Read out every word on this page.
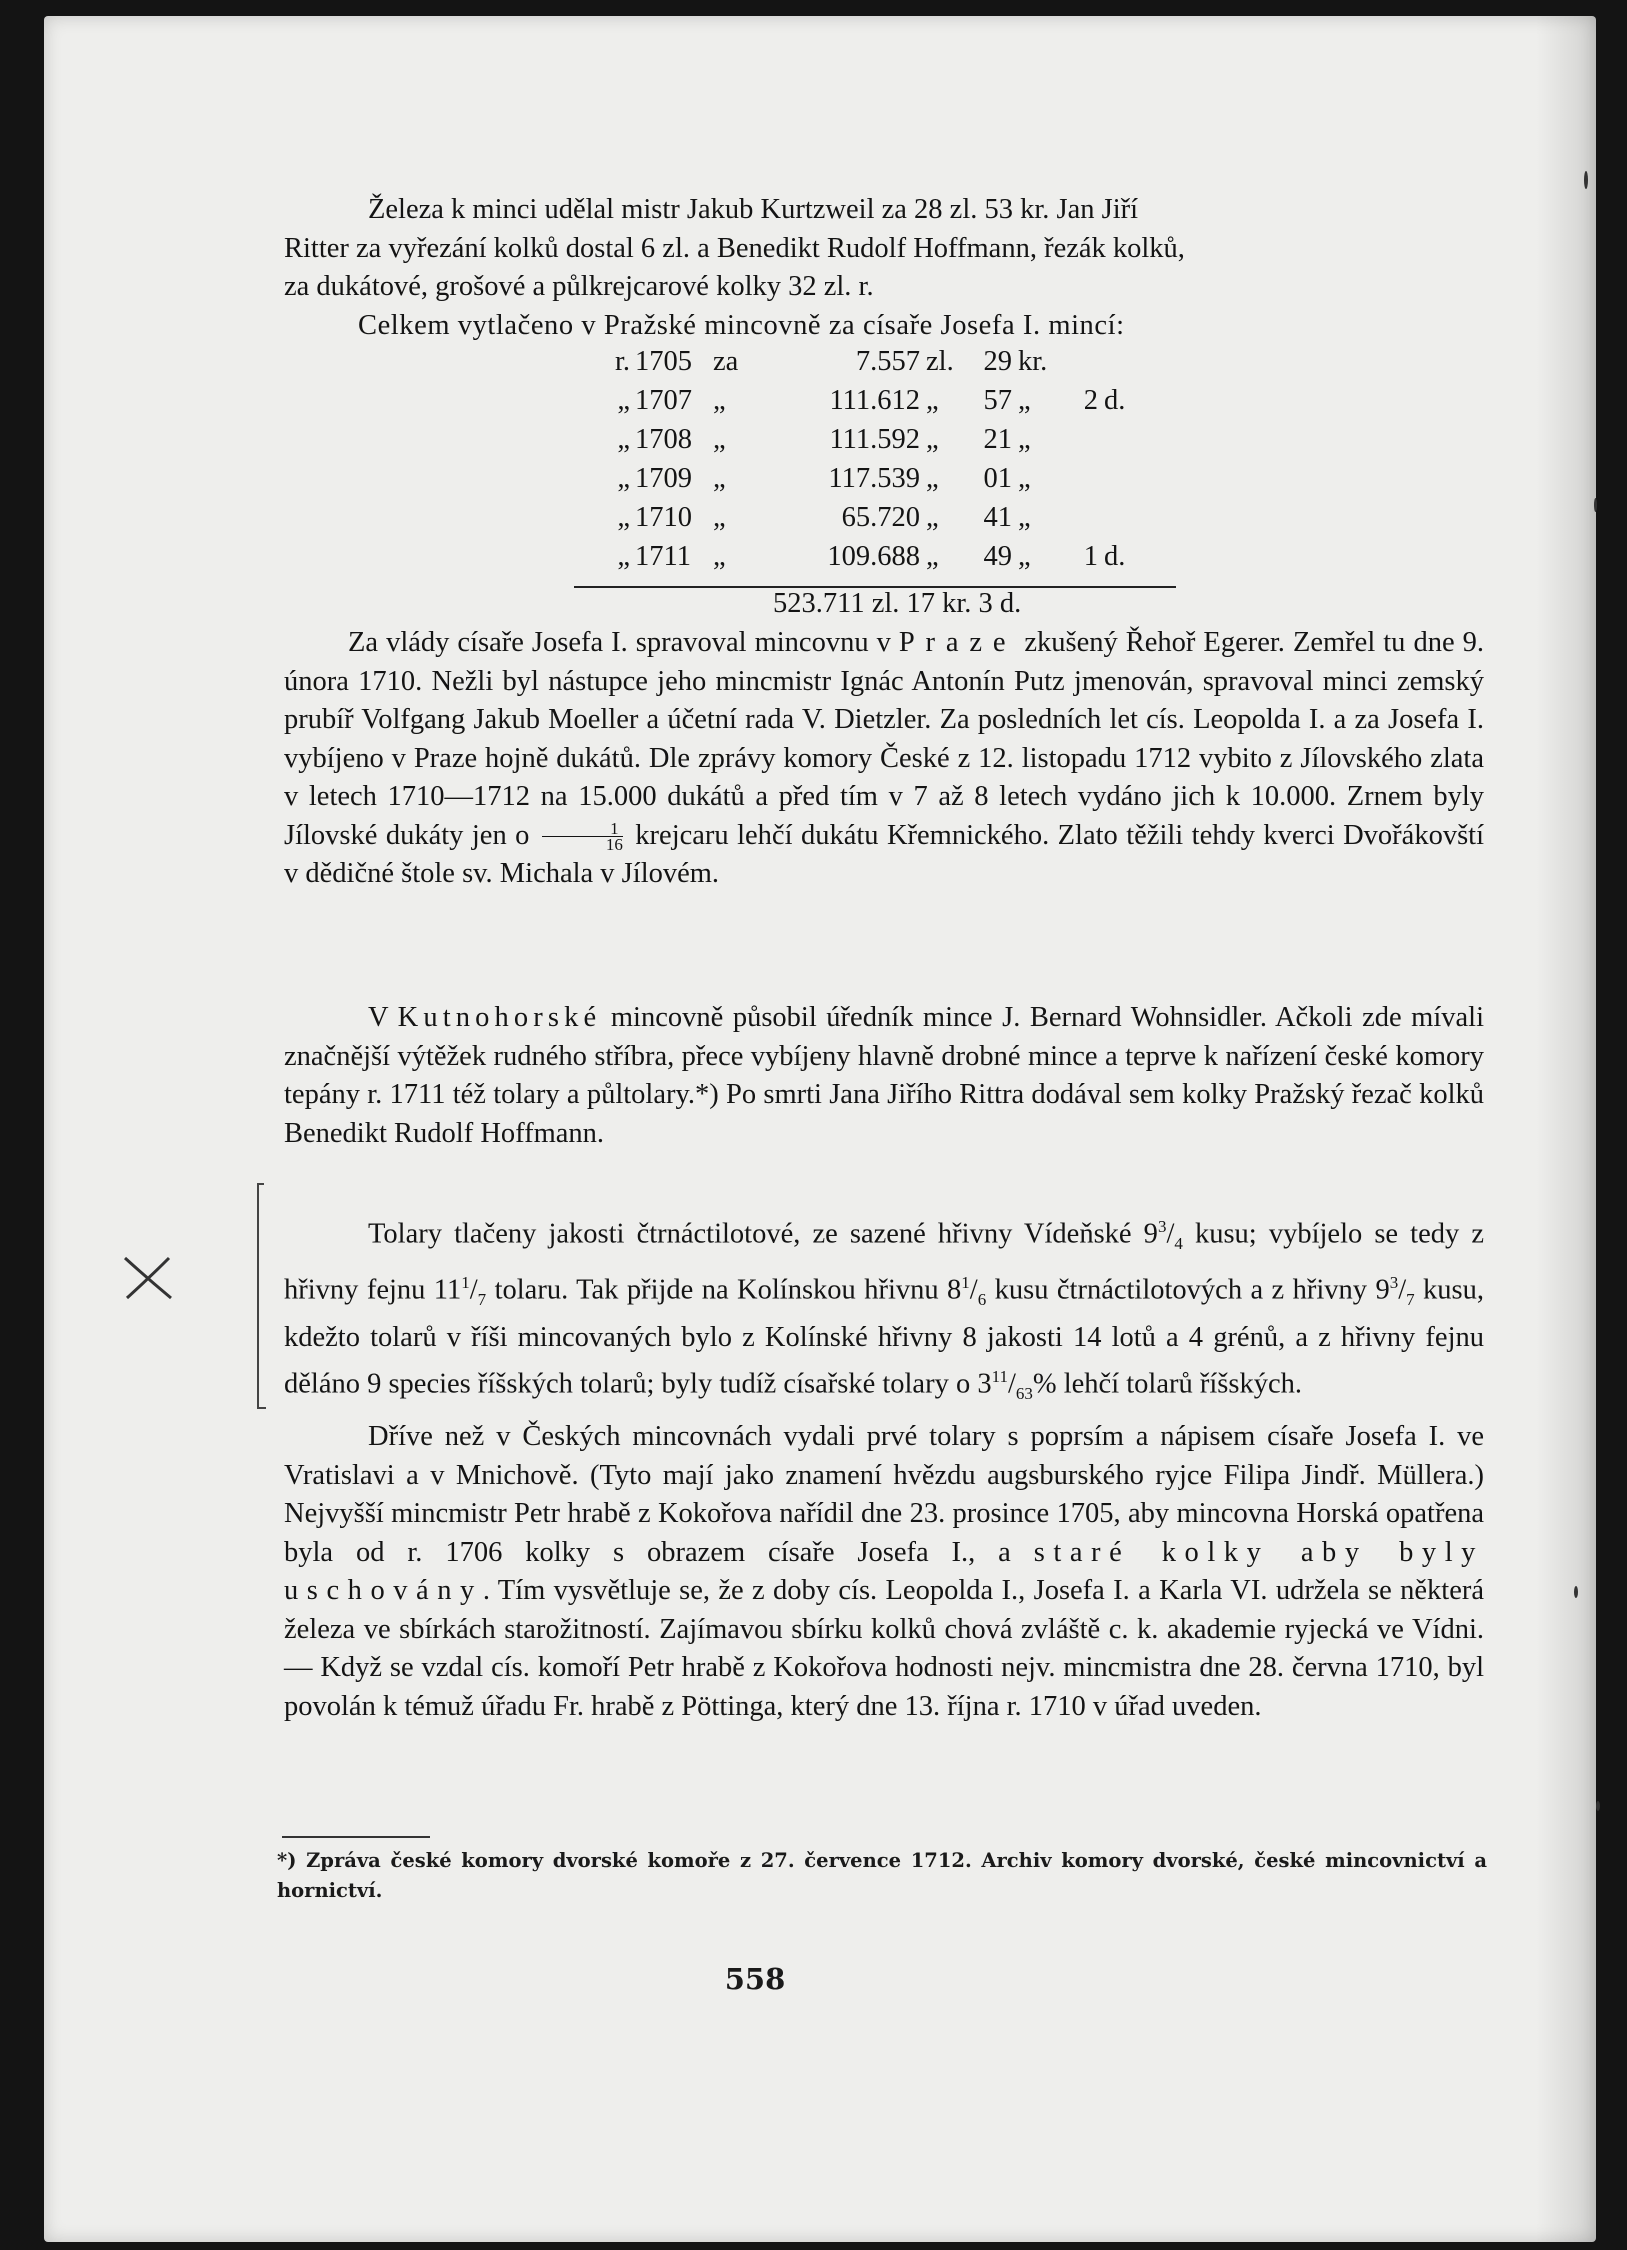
Železa k minci udělal mistr Jakub Kurtzweil za 28 zl. 53 kr. Jan Jiří
Ritter za vyřezání kolků dostal 6 zl. a Benedikt Rudolf Hoffmann, řezák kolků,
za dukátové, grošové a půlkrejcarové kolky 32 zl. r.
Celkem vytlačeno v Pražské mincovně za císaře Josefa I. mincí:
r. 1705 za	7.557 zl.	29 kr.
„ 1707 „	111.612 „	57 „	2 d.
„ 1708 „	111.592 „	21 „
„ 1709 „	117.539 „	01 „
„ 1710 „	65.720 „	41 „
„ 1711 „	109.688 „	49 „	1 d.
523.711 zl. 17 kr. 3 d.

Za vlády císaře Josefa I. spravoval mincovnu v Praze zkušený Řehoř Egerer. Zemřel tu dne 9. února 1710. Nežli byl nástupce jeho mincmistr Ignác Antonín Putz jmenován, spravoval minci zemský prubíř Volfgang Jakub Moeller a účetní rada V. Dietzler. Za posledních let cís. Leopolda I. a za Josefa I. vybíjeno v Praze hojně dukátů. Dle zprávy komory České z 12. listopadu 1712 vybito z Jílovského zlata v letech 1710—1712 na 15.000 dukátů a před tím v 7 až 8 letech vydáno jich k 10.000. Zrnem byly Jílovské dukáty jen o $\frac{1}{16}$ krejcaru lehčí dukátu Křemnického. Zlato těžili tehdy kverci Dvořákovští v dědičné štole sv. Michala v Jílovém.

V Kutnohorské mincovně působil úředník mince J. Bernard Wohnsidler. Ačkoli zde mívali značnější výtěžek rudného stříbra, přece vybíjeny hlavně drobné mince a teprve k nařízení české komory tepány r. 1711 též tolary a půltolary.*) Po smrti Jana Jiřího Rittra dodával sem kolky Pražský řezač kolků Benedikt Rudolf Hoffmann.

Tolary tlačeny jakosti čtrnáctilotové, ze sazené hřivny Vídeňské $9^3/_4$ kusu; vybíjelo se tedy z hřivny fejnu $11^1/_7$ tolaru. Tak přijde na Kolínskou hřivnu $8^1/_6$ kusu čtrnáctilotových a z hřivny $9^3/_7$ kusu, kdežto tolarů v říši mincovaných bylo z Kolínské hřivny 8 jakosti 14 lotů a 4 grénů, a z hřivny fejnu děláno 9 species říšských tolarů; byly tudíž císařské tolary o $3^{11}/_{63}\%$ lehčí tolarů říšských.

Dříve než v Českých mincovnách vydali prvé tolary s poprsím a nápisem císaře Josefa I. ve Vratislavi a v Mnichově. (Tyto mají jako znamení hvězdu augsburského ryjce Filipa Jindř. Müllera.) Nejvyšší mincmistr Petr hrabě z Kokořova nařídil dne 23. prosince 1705, aby mincovna Horská opatřena byla od r. 1706 kolky s obrazem císaře Josefa I., a staré kolky aby byly uschovány. Tím vysvětluje se, že z doby cís. Leopolda I., Josefa I. a Karla VI. udržela se některá železa ve sbírkách starožitností. Zajímavou sbírku kolků chová zvláště c. k. akademie ryjecká ve Vídni. — Když se vzdal cís. komoří Petr hrabě z Kokořova hodnosti nejv. mincmistra dne 28. června 1710, byl povolán k témuž úřadu Fr. hrabě z Pöttinga, který dne 13. října r. 1710 v úřad uveden.

*) Zpráva české komory dvorské komoře z 27. července 1712. Archiv komory dvorské, české mincovnictví a hornictví.
558
